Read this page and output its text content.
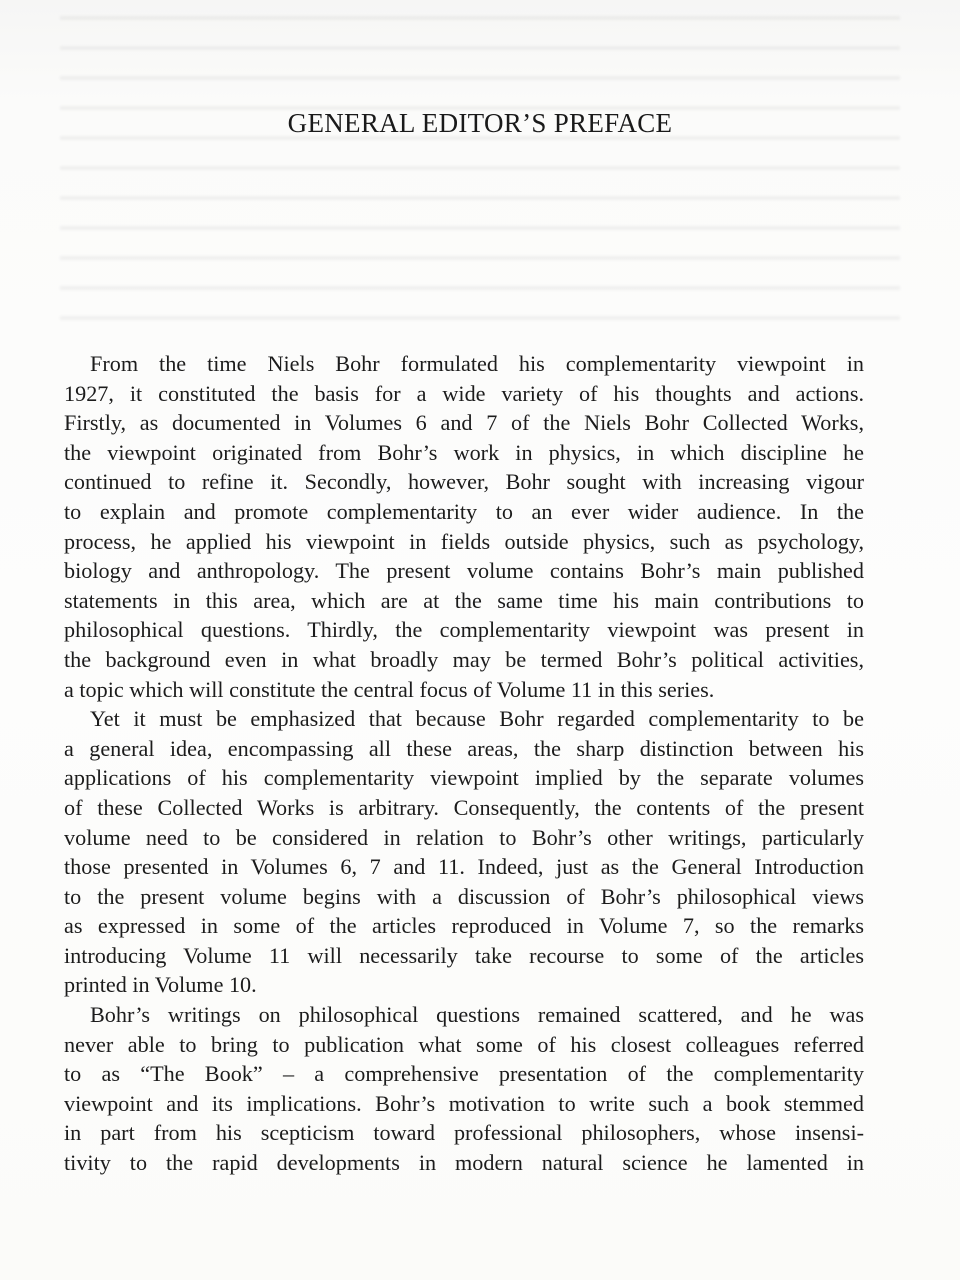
GENERAL EDITOR’S PREFACE
From the time Niels Bohr formulated his complementarity viewpoint in
1927, it constituted the basis for a wide variety of his thoughts and actions.
Firstly, as documented in Volumes 6 and 7 of the Niels Bohr Collected Works,
the viewpoint originated from Bohr’s work in physics, in which discipline he
continued to refine it. Secondly, however, Bohr sought with increasing vigour
to explain and promote complementarity to an ever wider audience. In the
process, he applied his viewpoint in fields outside physics, such as psychology,
biology and anthropology. The present volume contains Bohr’s main published
statements in this area, which are at the same time his main contributions to
philosophical questions. Thirdly, the complementarity viewpoint was present in
the background even in what broadly may be termed Bohr’s political activities,
a topic which will constitute the central focus of Volume 11 in this series.
Yet it must be emphasized that because Bohr regarded complementarity to be
a general idea, encompassing all these areas, the sharp distinction between his
applications of his complementarity viewpoint implied by the separate volumes
of these Collected Works is arbitrary. Consequently, the contents of the present
volume need to be considered in relation to Bohr’s other writings, particularly
those presented in Volumes 6, 7 and 11. Indeed, just as the General Introduction
to the present volume begins with a discussion of Bohr’s philosophical views
as expressed in some of the articles reproduced in Volume 7, so the remarks
introducing Volume 11 will necessarily take recourse to some of the articles
printed in Volume 10.
Bohr’s writings on philosophical questions remained scattered, and he was
never able to bring to publication what some of his closest colleagues referred
to as “The Book” – a comprehensive presentation of the complementarity
viewpoint and its implications. Bohr’s motivation to write such a book stemmed
in part from his scepticism toward professional philosophers, whose insensi-
tivity to the rapid developments in modern natural science he lamented in
